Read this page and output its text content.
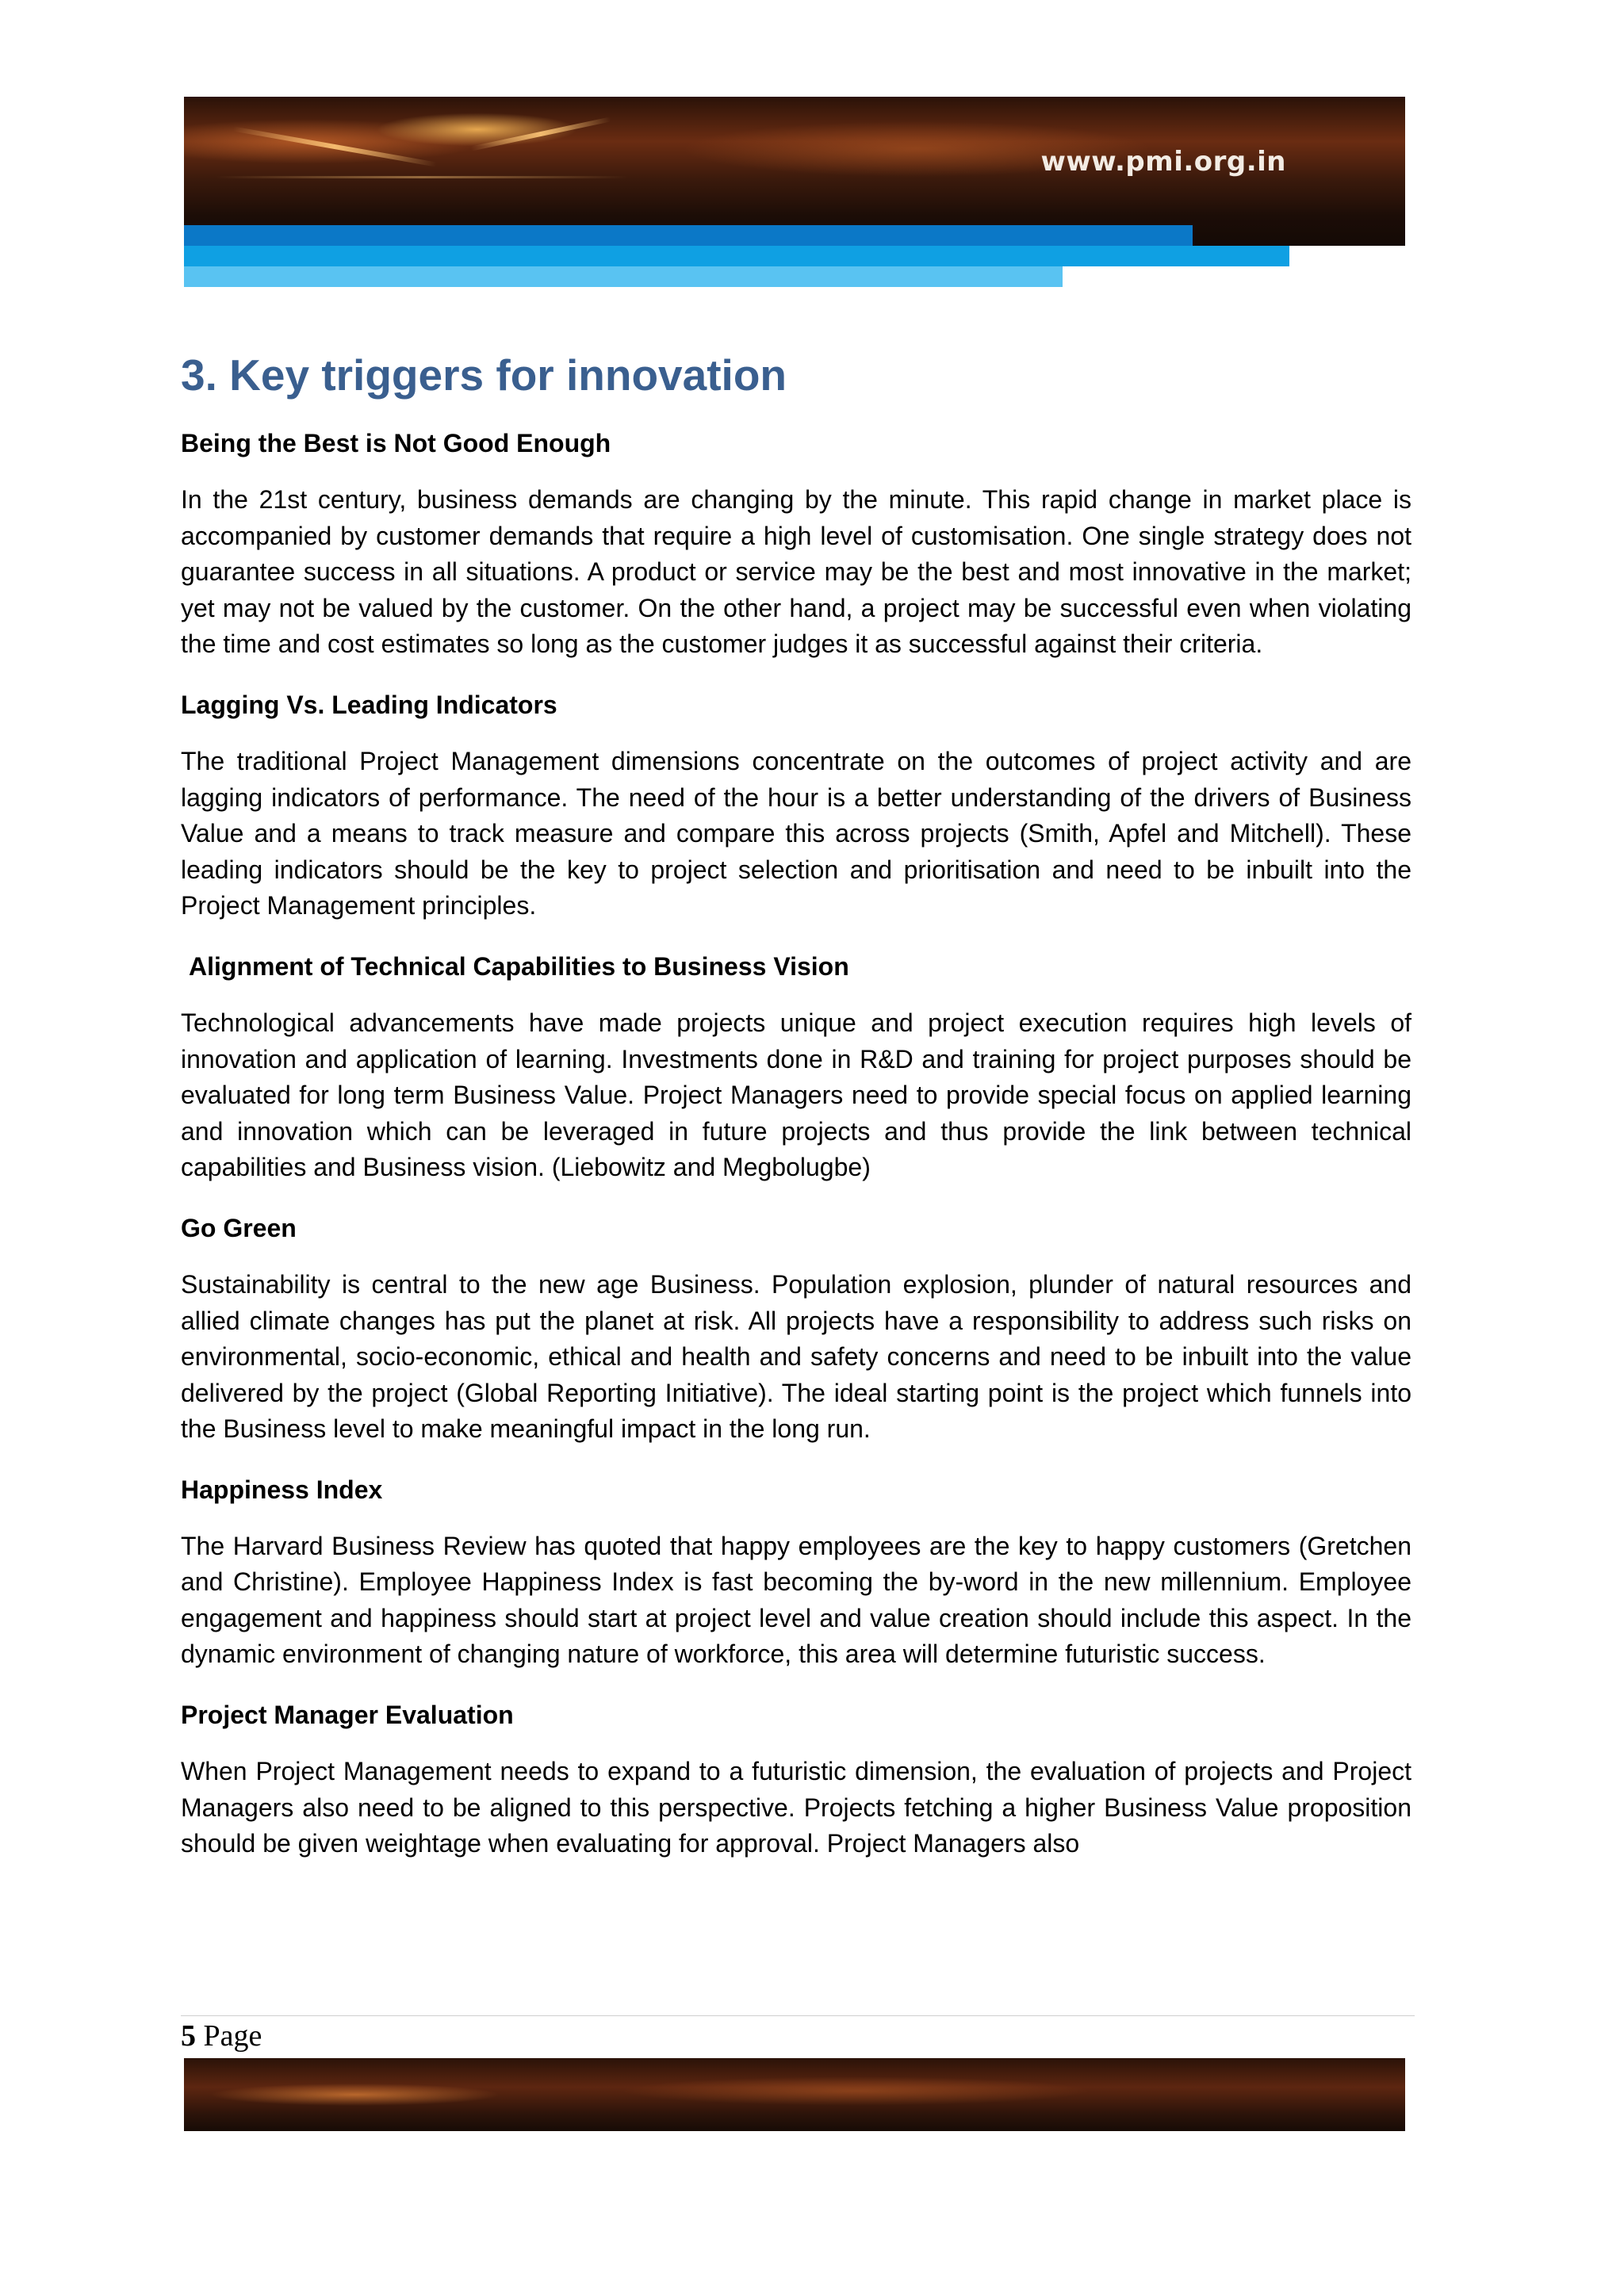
www.pmi.org.in
3. Key triggers for innovation
Being the Best is Not Good Enough

In the 21st century, business demands are changing by the minute. This rapid change in market place is accompanied by customer demands that require a high level of customisation. One single strategy does not guarantee success in all situations. A product or service may be the best and most innovative in the market; yet may not be valued by the customer. On the other hand, a project may be successful even when violating the time and cost estimates so long as the customer judges it as successful against their criteria.

Lagging Vs. Leading Indicators

The traditional Project Management dimensions concentrate on the outcomes of project activity and are lagging indicators of performance. The need of the hour is a better understanding of the drivers of Business Value and a means to track measure and compare this across projects (Smith, Apfel and Mitchell). These leading indicators should be the key to project selection and prioritisation and need to be inbuilt into the Project Management principles.

Alignment of Technical Capabilities to Business Vision

Technological advancements have made projects unique and project execution requires high levels of innovation and application of learning. Investments done in R&D and training for project purposes should be evaluated for long term Business Value. Project Managers need to provide special focus on applied learning and innovation which can be leveraged in future projects and thus provide the link between technical capabilities and Business vision. (Liebowitz and Megbolugbe)

Go Green

Sustainability is central to the new age Business. Population explosion, plunder of natural resources and allied climate changes has put the planet at risk. All projects have a responsibility to address such risks on environmental, socio-economic, ethical and health and safety concerns and need to be inbuilt into the value delivered by the project (Global Reporting Initiative). The ideal starting point is the project which funnels into the Business level to make meaningful impact in the long run.

Happiness Index

The Harvard Business Review has quoted that happy employees are the key to happy customers (Gretchen and Christine). Employee Happiness Index is fast becoming the by-word in the new millennium. Employee engagement and happiness should start at project level and value creation should include this aspect. In the dynamic environment of changing nature of workforce, this area will determine futuristic success.

Project Manager Evaluation

When Project Management needs to expand to a futuristic dimension, the evaluation of projects and Project Managers also need to be aligned to this perspective. Projects fetching a higher Business Value proposition should be given weightage when evaluating for approval. Project Managers also

5 Page
